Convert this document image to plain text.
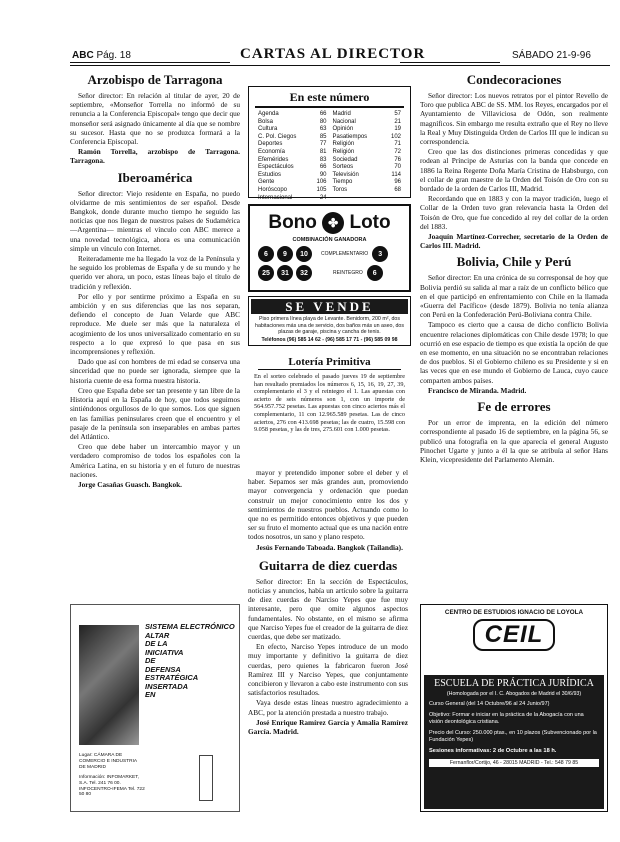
ABC Pág. 18	CARTAS AL DIRECTOR	SÁBADO 21-9-96
Arzobispo de Tarragona

Señor director: En relación al titular de ayer, 20 de septiembre, «Monseñor Torrella no informó de su renuncia a la Conferencia Episcopal» tengo que decir que monseñor será asignado únicamente al día que se nombre su sucesor. Hasta que no se produzca formará a la Conferencia Episcopal.

Ramón Torrella, arzobispo de Tarragona. Tarragona.

Iberoamérica

Señor director: Viejo residente en España, no puedo olvidarme de mis sentimientos de ser español. Desde Bangkok, donde durante mucho tiempo he seguido las noticias que nos llegan de nuestros países de Sudamérica —Argentina— mientras el vínculo con ABC merece a una novedad tecnológica, ahora es una comunicación simple un vínculo con Internet.

Reiteradamente me ha llegado la voz de la Península y he seguido los problemas de España y de su mundo y he querido ver ahora, un poco, estas líneas bajo el título de tradición y reflexión.

Por ello y por sentirme próximo a España en su ambición y en sus diferencias que las nos separan, defiendo el concepto de Juan Velarde que ABC reproduce. Me duele ser más que la naturaleza el acogimiento de los unos universalizado comentario en su respecto a lo que expresó lo que pasa en sus incomprensiones y reflexión.

Dado que así con hombres de mi edad se conserva una sinceridad que no puede ser ignorada, siempre que la historia cuente de esa forma nuestra historia.

Creo que España debe ser tan presente y tan libre de la Historia aquí en la España de hoy, que todos seguimos sintiéndonos orgullosos de lo que somos. Los que siguen en las familias peninsulares creen que el encuentro y el pasaje de la península son inseparables en ambas partes del Atlántico.

Creo que debe haber un intercambio mayor y un verdadero compromiso de todos los españoles con la América Latina, en su historia y en el futuro de nuestras naciones.

Jorge Casañas Guasch. Bangkok.

En este número
Agenda	66
Bolsa	80
Cultura	63
C. Pol. Ciegos	85
Deportes	77
Economía	81
Efemérides	83
Espectáculos	66
Estudios	90
Gente	106
Horóscopo	105
Internacional	24
Madrid	57
Nacional	21
Opinión	19
Pasatiempos	102
Religión	71
Religión	72
Sociedad	76
Sorteos	70
Televisión	114
Tiempo	96
Toros	68
Bono ✤ Loto
COMBINACIÓN GANADORA
6	9	10	COMPLEMENTARIO	3
25	31	32	REINTEGRO	6
SE VENDE
Piso primera línea playa de Levante. Benidorm, 200 m², dos habitaciones más una de servicio, dos baños más un aseo, dos plazas de garaje, piscina y cancha de tenis.
Teléfonos (96) 585 14 62 - (96) 585 17 71 - (96) 585 09 98
Lotería Primitiva
En el sorteo celebrado el pasado jueves 19 de septiembre han resultado premiados los números 6, 15, 16, 19, 27, 39, complementario el 3 y el reintegro el 1. Las apuestas con acierto de seis números son 1, con un importe de 564.957.752 pesetas. Las apuestas con cinco aciertos más el complementario, 11 con 12.965.589 pesetas. Las de cinco aciertos, 276 con 413.698 pesetas; las de cuatro, 15.598 con 9.058 pesetas, y las de tres, 275.601 con 1.000 pesetas.

mayor y pretendido imponer sobre el deber y el haber. Sepamos ser más grandes aun, promoviendo mayor convergencia y ordenación que puedan construir un mejor conocimiento entre los dos y sentimientos de nuestros pueblos. Actuando como lo que no es permitido entonces objetivos y que pueden ser su fruto el momento actual que es una nación entre todos nosotros, un sano y plano respeto.

Jesús Fernando Taboada. Bangkok (Tailandia).

Guitarra de diez cuerdas

Señor director: En la sección de Espectáculos, noticias y anuncios, había un artículo sobre la guitarra de diez cuerdas de Narciso Yepes que fue muy interesante, pero que omite algunos aspectos fundamentales. No obstante, en el mismo se afirma que Narciso Yepes fue el creador de la guitarra de diez cuerdas, que debe ser matizado.

En efecto, Narciso Yepes introduce de un modo muy importante y definitivo la guitarra de diez cuerdas, pero quienes la fabricaron fueron José Ramírez III y Narciso Yepes, que conjuntamente concibieron y llevaron a cabo este instrumento con sus satisfactorios resultados.

Vaya desde estas líneas nuestro agradecimiento a ABC, por la atención prestada a nuestro trabajo.

José Enrique Ramírez García y Amalia Ramírez García. Madrid.

SISTEMA ELECTRÓNICO
ALTAR
DE LA
INICIATIVA
DE
DEFENSA
ESTRATÉGICA
INSERTADA
EN
Lugar: CÁMARA DE COMERCIO E INDUSTRIA DE MADRID
Información: INFOMARKET, S.A. Tel. 241 76 00. INFOCENTRO-IFEMA Tel. 722 50 80
Condecoraciones

Señor director: Los nuevos retratos por el pintor Revello de Toro que publica ABC de SS. MM. los Reyes, encargados por el Ayuntamiento de Villaviciosa de Odón, son realmente magníficos. Sin embargo me resulta extraño que el Rey no lleve la Real y Muy Distinguida Orden de Carlos III que le indican su correspondencia.

Creo que las dos distinciones primeras concedidas y que rodean al Príncipe de Asturias con la banda que concede en 1886 la Reina Regente Doña María Cristina de Habsburgo, con el collar de gran maestre de la Orden del Toisón de Oro con su bordado de la orden de Carlos III, Madrid.

Recordando que en 1883 y con la mayor tradición, luego el Collar de la Orden tuvo gran relevancia hasta la Orden del Toisón de Oro, que fue concedido al rey del collar de la orden del 1883.

Joaquín Martínez-Correcher, secretario de la Orden de Carlos III. Madrid.

Bolivia, Chile y Perú

Señor director: En una crónica de su corresponsal de hoy que Bolivia perdió su salida al mar a raíz de un conflicto bélico que en el que participó en enfrentamiento con Chile en la llamada «Guerra del Pacífico» (desde 1879). Bolivia no tenía alianza con Perú en la Confederación Perú-Boliviana contra Chile.

Tampoco es cierto que a causa de dicho conflicto Bolivia encuentre relaciones diplomáticas con Chile desde 1978; lo que ocurrió en ese espacio de tiempo es que existía la opción de que en ese momento, en una situación no se encontraban relaciones de dos pueblos. Si el Gobierno chileno es su Presidente y si en las veces que en ese mundo el Gobierno de Lauca, cuyo cauce comparten ambos países.

Francisco de Miranda. Madrid.

Fe de errores

Por un error de imprenta, en la edición del número correspondiente al pasado 16 de septiembre, en la página 56, se publicó una fotografía en la que aparecía el general Augusto Pinochet Ugarte y junto a él la que se atribuía al señor Hans Klein, vicepresidente del Parlamento Alemán.

CENTRO DE ESTUDIOS IGNACIO DE LOYOLA
CEIL
ESCUELA DE PRÁCTICA JURÍDICA
(Homologada por el I. C. Abogados de Madrid el 30/6/93)
Curso General (del 14 Octubre/96 al 24 Junio/97)
Objetivo: Formar e iniciar en la práctica de la Abogacía con una visión deontológica cristiana.
Precio del Curso: 250.000 ptas., en 10 plazos (Subvencionado por la Fundación Yepes)
Sesiones informativas: 2 de Octubre a las 18 h.
Fernanflor/Cortijo, 46 - 28015 MADRID - Tel.: 548 79 85
